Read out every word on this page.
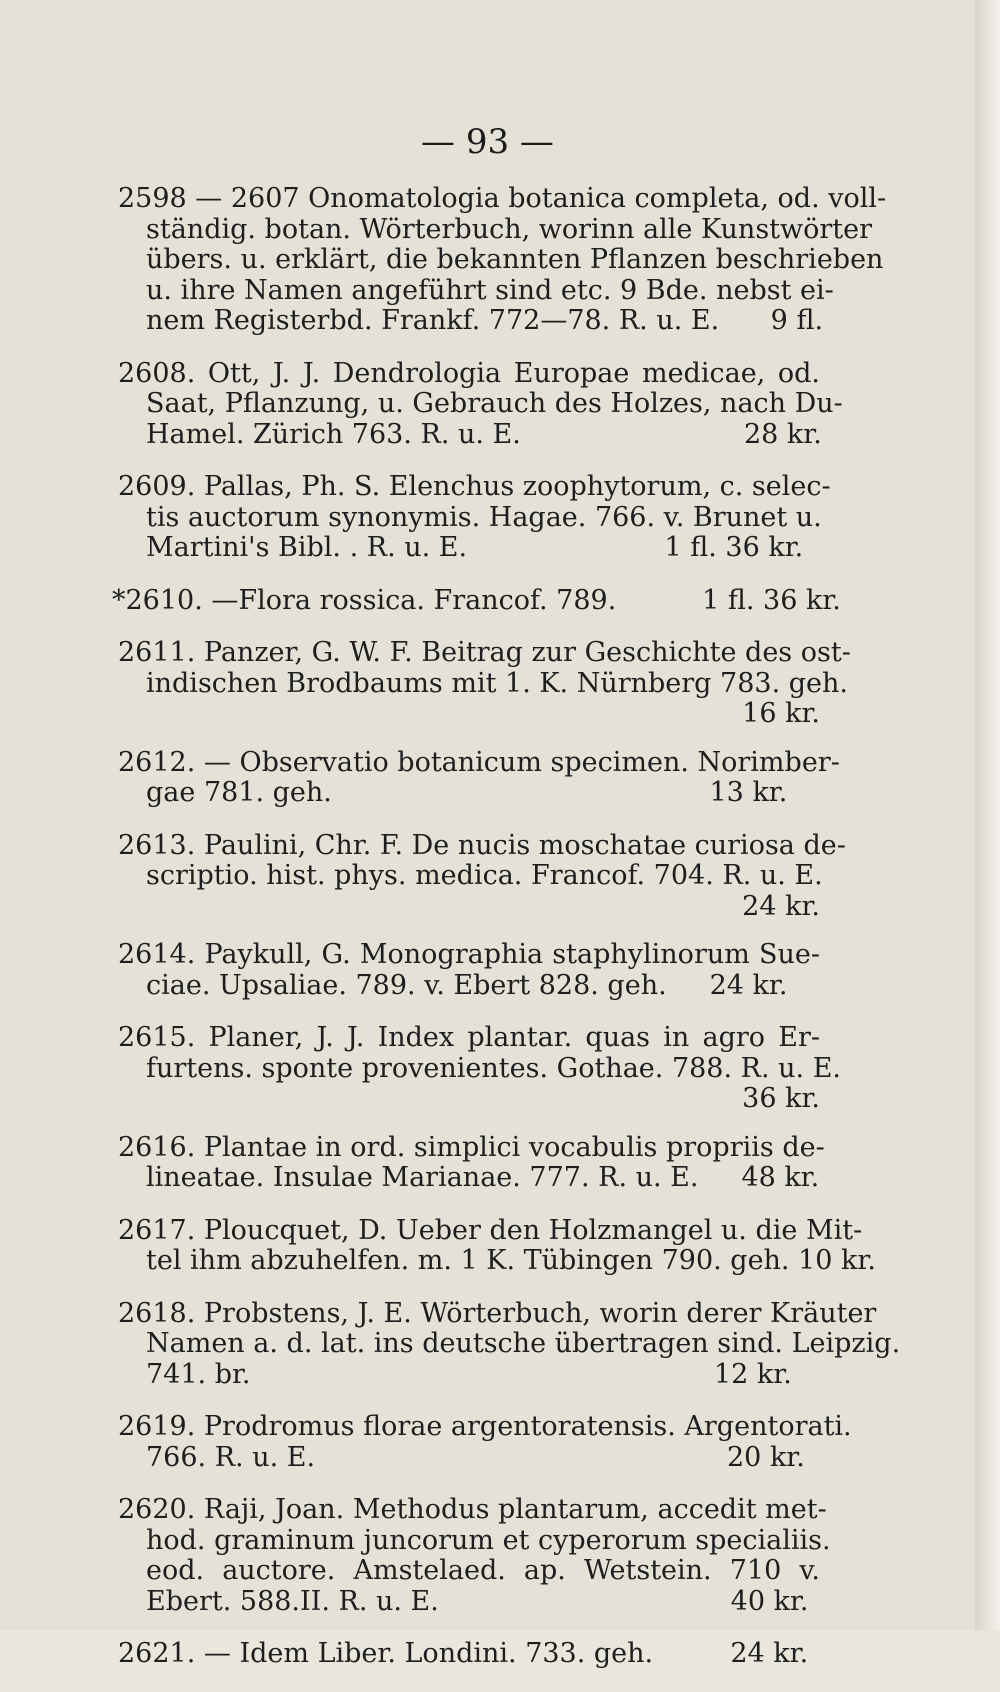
— 93 —
2598 — 2607 Onomatologia botanica completa, od. voll-
ständig. botan. Wörterbuch, worinn alle Kunstwörter
übers. u. erklärt, die bekannten Pflanzen beschrieben
u. ihre Namen angeführt sind etc. 9 Bde. nebst ei-
nem Registerbd. Frankf. 772—78. R. u. E.      9 fl.
2608. Ott, J. J. Dendrologia Europae medicae, od.
Saat, Pflanzung, u. Gebrauch des Holzes, nach Du-
Hamel. Zürich 763. R. u. E.                          28 kr.
2609. Pallas, Ph. S. Elenchus zoophytorum, c. selec-
tis auctorum synonymis. Hagae. 766. v. Brunet u.
Martini's Bibl. . R. u. E.                       1 fl. 36 kr.
*2610. —Flora rossica. Francof. 789.          1 fl. 36 kr.
2611. Panzer, G. W. F. Beitrag zur Geschichte des ost-
indischen Brodbaums mit 1. K. Nürnberg 783. geh.
16 kr.
2612. — Observatio botanicum specimen. Norimber-
gae 781. geh.                                            13 kr.
2613. Paulini, Chr. F. De nucis moschatae curiosa de-
scriptio. hist. phys. medica. Francof. 704. R. u. E.
24 kr.
2614. Paykull, G. Monographia staphylinorum Sue-
ciae. Upsaliae. 789. v. Ebert 828. geh.     24 kr.
2615. Planer, J. J. Index plantar. quas in agro Er-
furtens. sponte provenientes. Gothae. 788. R. u. E.
36 kr.
2616. Plantae in ord. simplici vocabulis propriis de-
lineatae. Insulae Marianae. 777. R. u. E.     48 kr.
2617. Ploucquet, D. Ueber den Holzmangel u. die Mit-
tel ihm abzuhelfen. m. 1 K. Tübingen 790. geh. 10 kr.
2618. Probstens, J. E. Wörterbuch, worin derer Kräuter
Namen a. d. lat. ins deutsche übertragen sind. Leipzig.
741. br.                                                      12 kr.
2619. Prodromus florae argentoratensis. Argentorati.
766. R. u. E.                                                20 kr.
2620. Raji, Joan. Methodus plantarum, accedit met-
hod. graminum juncorum et cyperorum specialiis.
eod. auctore. Amstelaed. ap. Wetstein. 710 v.
Ebert. 588.II. R. u. E.                                  40 kr.
2621. — Idem Liber. Londini. 733. geh.         24 kr.
